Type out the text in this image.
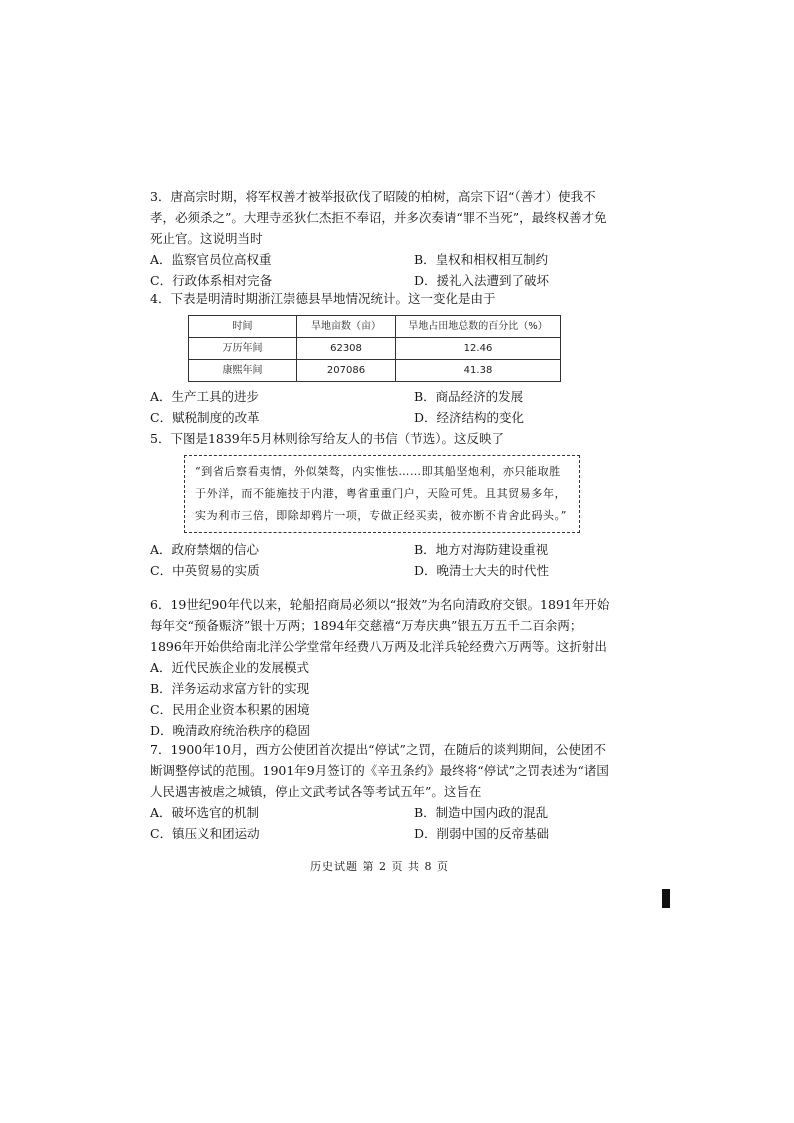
3．唐高宗时期，将军权善才被举报砍伐了昭陵的柏树，高宗下诏“（善才）使我不孝，必须杀之”。大理寺丞狄仁杰拒不奉诏，并多次奏请“罪不当死”，最终权善才免死止官。这说明当时

A．监察官员位高权重	B．皇权和相权相互制约
C．行政体系相对完备	D．援礼入法遭到了破坏

4．下表是明清时期浙江崇德县旱地情况统计。这一变化是由于

时间	旱地亩数（亩）	旱地占田地总数的百分比（%）
万历年间	62308	12.46
康熙年间	207086	41.38
A．生产工具的进步	B．商品经济的发展
C．赋税制度的改革	D．经济结构的变化

5．下图是1839年5月林则徐写给友人的书信（节选）。这反映了

“到省后察看夷情，外似桀骜，内实惟怯……即其船坚炮利，亦只能取胜于外洋，而不能施技于内港，粤省重重门户，天险可凭。且其贸易多年，实为利市三倍，即除却鸦片一项，专做正经买卖，彼亦断不肯舍此码头。”
A．政府禁烟的信心	B．地方对海防建设重视
C．中英贸易的实质	D．晚清士大夫的时代性

6．19世纪90年代以来，轮船招商局必须以“报效”为名向清政府交银。1891年开始每年交“预备赈济”银十万两；1894年交慈禧“万寿庆典”银五万五千二百余两；1896年开始供给南北洋公学堂常年经费八万两及北洋兵轮经费六万两等。这折射出

A．近代民族企业的发展模式
B．洋务运动求富方针的实现
C．民用企业资本积累的困境
D．晚清政府统治秩序的稳固

7．1900年10月，西方公使团首次提出“停试”之罚，在随后的谈判期间，公使团不断调整停试的范围。1901年9月签订的《辛丑条约》最终将“停试”之罚表述为“诸国人民遇害被虐之城镇，停止文武考试各等考试五年”。这旨在

A．破坏选官的机制	B．制造中国内政的混乱
C．镇压义和团运动	D．削弱中国的反帝基础
历史试题 第 2 页 共 8 页
